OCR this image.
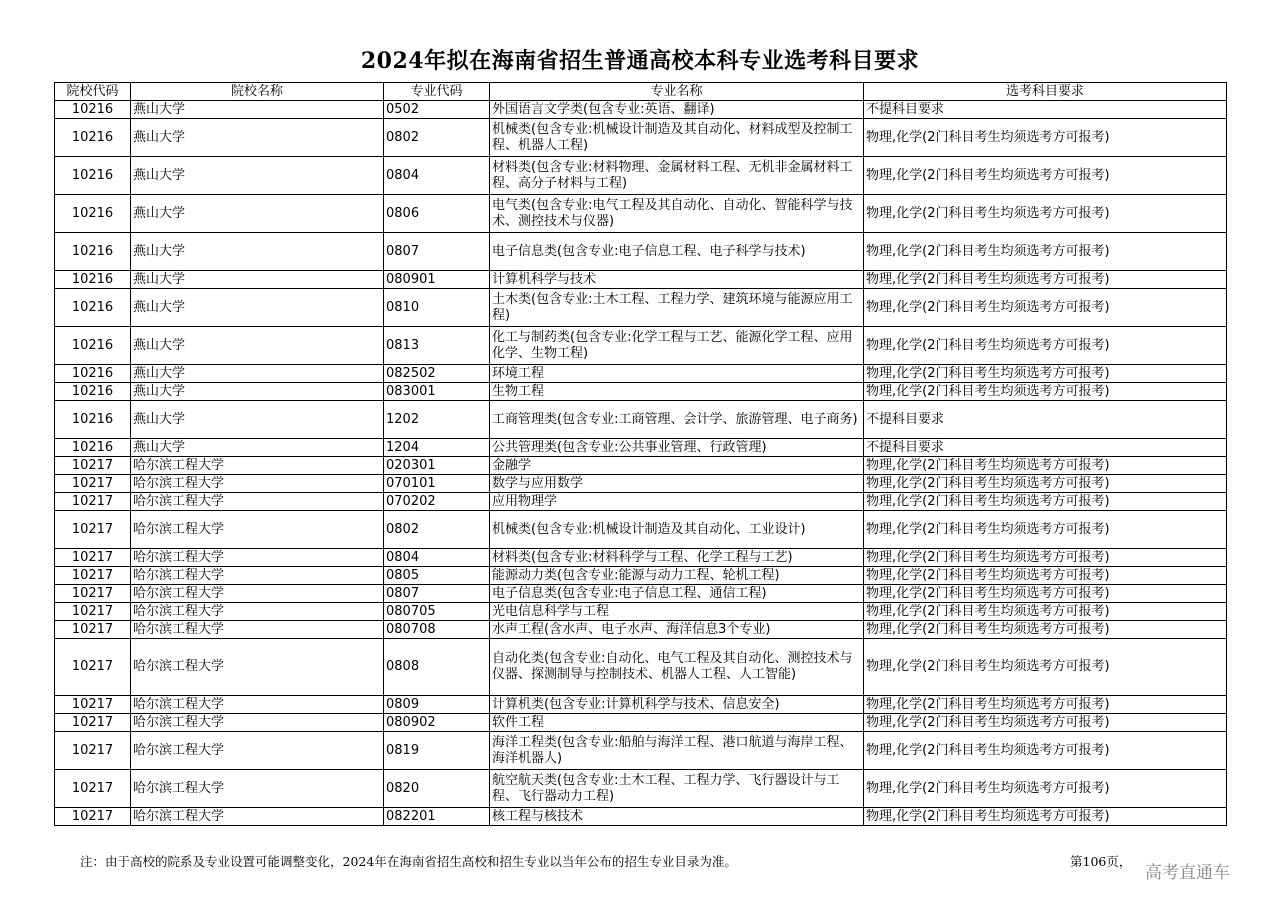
2024年拟在海南省招生普通高校本科专业选考科目要求
院校代码	院校名称	专业代码	专业名称	选考科目要求
10216	燕山大学	0502	外国语言文学类(包含专业:英语、翻译)	不提科目要求
10216	燕山大学	0802	机械类(包含专业:机械设计制造及其自动化、材料成型及控制工程、机器人工程)	物理,化学(2门科目考生均须选考方可报考)
10216	燕山大学	0804	材料类(包含专业:材料物理、金属材料工程、无机非金属材料工程、高分子材料与工程)	物理,化学(2门科目考生均须选考方可报考)
10216	燕山大学	0806	电气类(包含专业:电气工程及其自动化、自动化、智能科学与技术、测控技术与仪器)	物理,化学(2门科目考生均须选考方可报考)
10216	燕山大学	0807	电子信息类(包含专业:电子信息工程、电子科学与技术)	物理,化学(2门科目考生均须选考方可报考)
10216	燕山大学	080901	计算机科学与技术	物理,化学(2门科目考生均须选考方可报考)
10216	燕山大学	0810	土木类(包含专业:土木工程、工程力学、建筑环境与能源应用工程)	物理,化学(2门科目考生均须选考方可报考)
10216	燕山大学	0813	化工与制药类(包含专业:化学工程与工艺、能源化学工程、应用化学、生物工程)	物理,化学(2门科目考生均须选考方可报考)
10216	燕山大学	082502	环境工程	物理,化学(2门科目考生均须选考方可报考)
10216	燕山大学	083001	生物工程	物理,化学(2门科目考生均须选考方可报考)
10216	燕山大学	1202	工商管理类(包含专业:工商管理、会计学、旅游管理、电子商务)	不提科目要求
10216	燕山大学	1204	公共管理类(包含专业:公共事业管理、行政管理)	不提科目要求
10217	哈尔滨工程大学	020301	金融学	物理,化学(2门科目考生均须选考方可报考)
10217	哈尔滨工程大学	070101	数学与应用数学	物理,化学(2门科目考生均须选考方可报考)
10217	哈尔滨工程大学	070202	应用物理学	物理,化学(2门科目考生均须选考方可报考)
10217	哈尔滨工程大学	0802	机械类(包含专业:机械设计制造及其自动化、工业设计)	物理,化学(2门科目考生均须选考方可报考)
10217	哈尔滨工程大学	0804	材料类(包含专业:材料科学与工程、化学工程与工艺)	物理,化学(2门科目考生均须选考方可报考)
10217	哈尔滨工程大学	0805	能源动力类(包含专业:能源与动力工程、轮机工程)	物理,化学(2门科目考生均须选考方可报考)
10217	哈尔滨工程大学	0807	电子信息类(包含专业:电子信息工程、通信工程)	物理,化学(2门科目考生均须选考方可报考)
10217	哈尔滨工程大学	080705	光电信息科学与工程	物理,化学(2门科目考生均须选考方可报考)
10217	哈尔滨工程大学	080708	水声工程(含水声、电子水声、海洋信息3个专业)	物理,化学(2门科目考生均须选考方可报考)
10217	哈尔滨工程大学	0808	自动化类(包含专业:自动化、电气工程及其自动化、测控技术与仪器、探测制导与控制技术、机器人工程、人工智能)	物理,化学(2门科目考生均须选考方可报考)
10217	哈尔滨工程大学	0809	计算机类(包含专业:计算机科学与技术、信息安全)	物理,化学(2门科目考生均须选考方可报考)
10217	哈尔滨工程大学	080902	软件工程	物理,化学(2门科目考生均须选考方可报考)
10217	哈尔滨工程大学	0819	海洋工程类(包含专业:船舶与海洋工程、港口航道与海岸工程、海洋机器人)	物理,化学(2门科目考生均须选考方可报考)
10217	哈尔滨工程大学	0820	航空航天类(包含专业:土木工程、工程力学、飞行器设计与工程、飞行器动力工程)	物理,化学(2门科目考生均须选考方可报考)
10217	哈尔滨工程大学	082201	核工程与核技术	物理,化学(2门科目考生均须选考方可报考)
注：由于高校的院系及专业设置可能调整变化，2024年在海南省招生高校和招生专业以当年公布的招生专业目录为准。	第106页，
高考直通车
